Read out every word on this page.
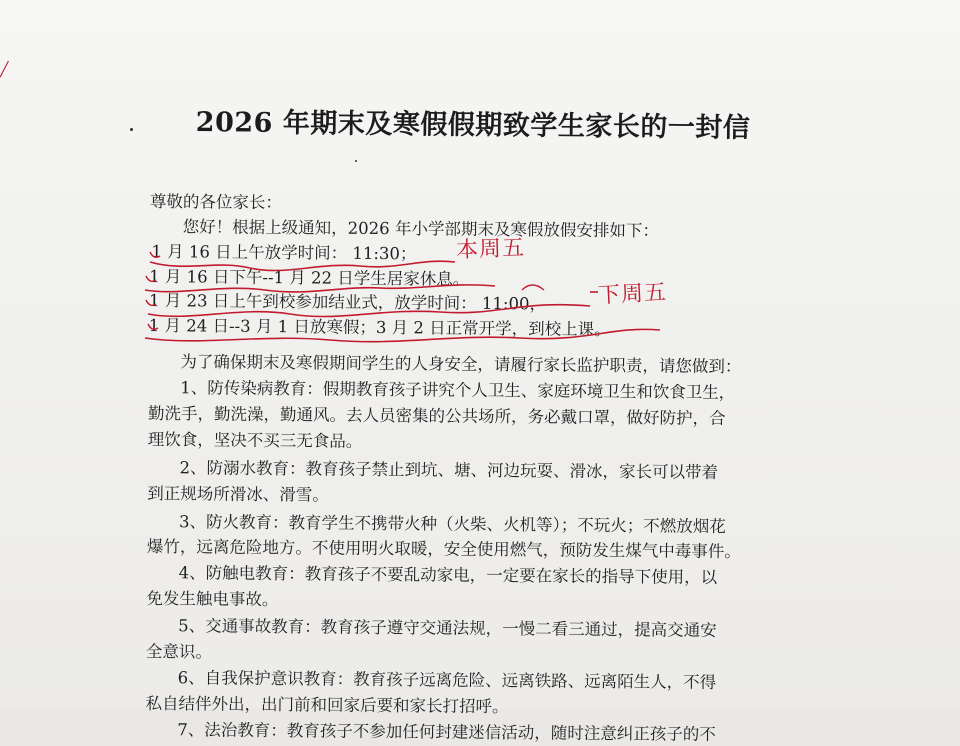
╱
2026 年期末及寒假假期致学生家长的一封信
尊敬的各位家长：
您好！根据上级通知，2026 年小学部期末及寒假放假安排如下：
1 月 16 日上午放学时间： 11:30；
1 月 16 日下午--1 月 22 日学生居家休息。
1 月 23 日上午到校参加结业式，放学时间： 11:00，
1 月 24 日--3 月 1 日放寒假；3 月 2 日正常开学，到校上课。
为了确保期末及寒假期间学生的人身安全，请履行家长监护职责，请您做到：
1、防传染病教育：假期教育孩子讲究个人卫生、家庭环境卫生和饮食卫生，
勤洗手，勤洗澡，勤通风。去人员密集的公共场所，务必戴口罩，做好防护，合
理饮食，坚决不买三无食品。
2、防溺水教育：教育孩子禁止到坑、塘、河边玩耍、滑冰，家长可以带着
到正规场所滑冰、滑雪。
3、防火教育：教育学生不携带火种（火柴、火机等）；不玩火；不燃放烟花
爆竹，远离危险地方。不使用明火取暖，安全使用燃气，预防发生煤气中毒事件。
4、防触电教育：教育孩子不要乱动家电，一定要在家长的指导下使用，以
免发生触电事故。
5、交通事故教育：教育孩子遵守交通法规，一慢二看三通过，提高交通安
全意识。
6、自我保护意识教育：教育孩子远离危险、远离铁路、远离陌生人，不得
私自结伴外出，出门前和回家后要和家长打招呼。
7、法治教育：教育孩子不参加任何封建迷信活动，随时注意纠正孩子的不
本周五
下周五
